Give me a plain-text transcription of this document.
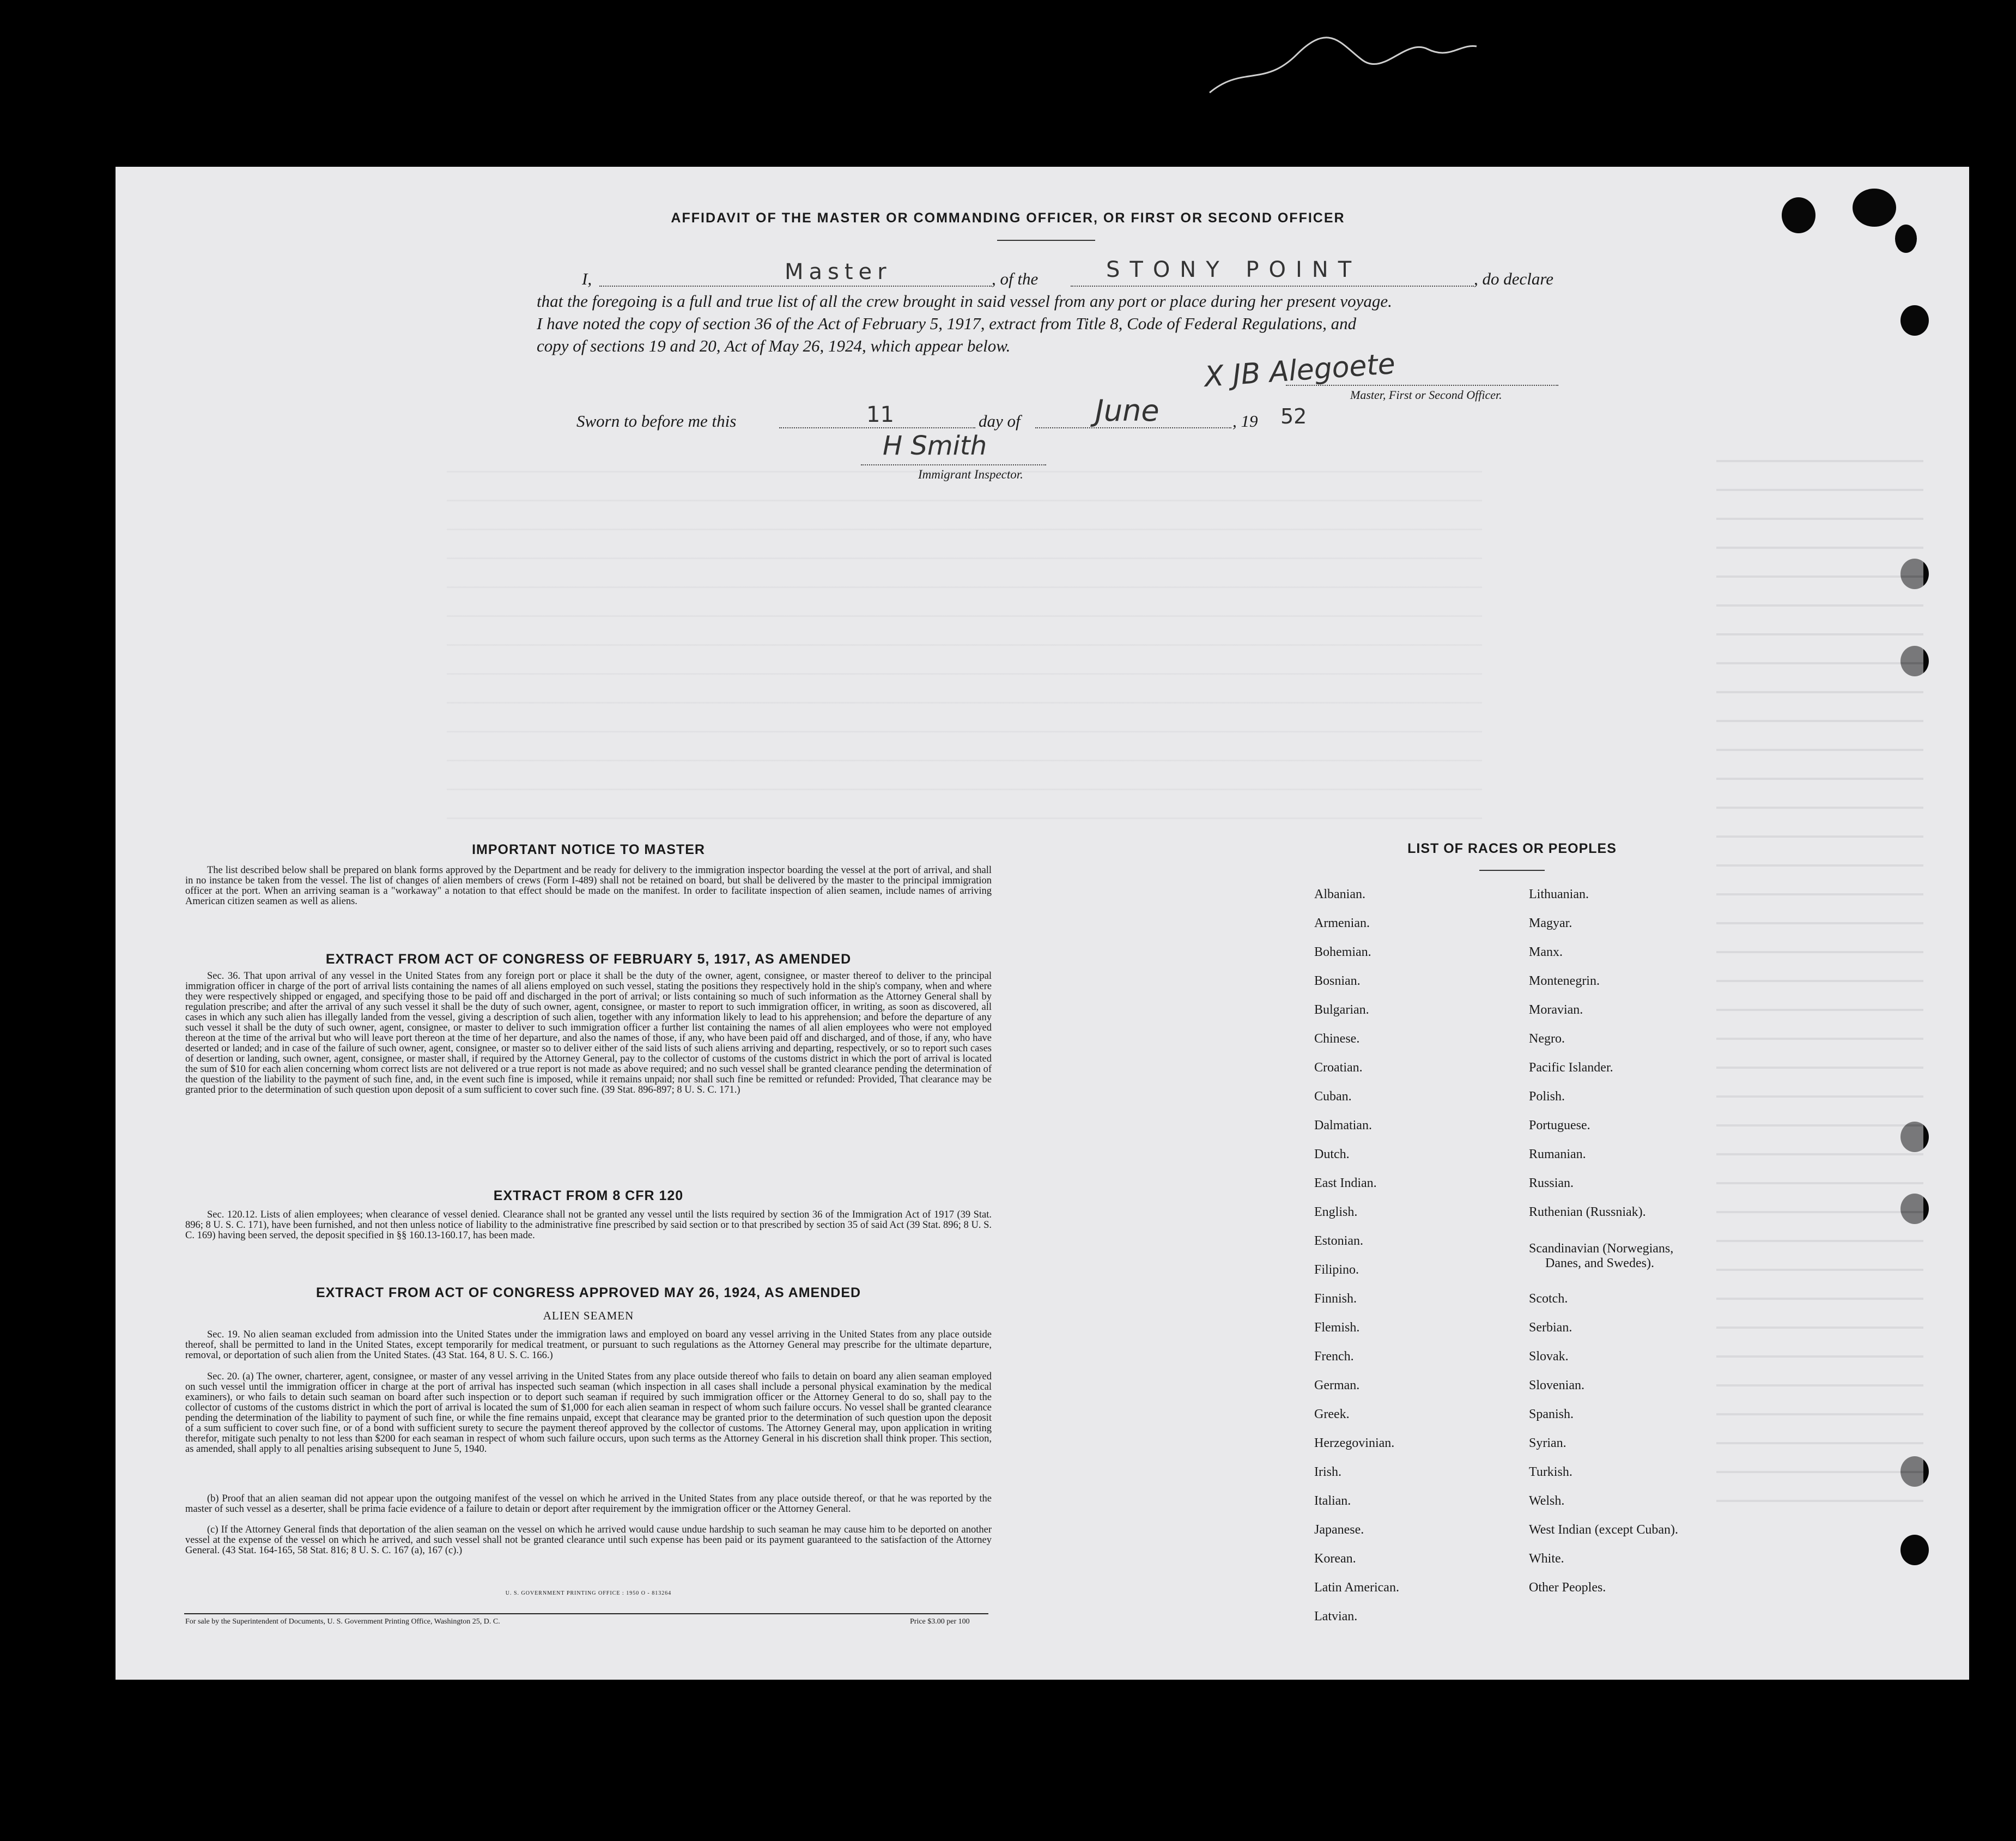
AFFIDAVIT OF THE MASTER OR COMMANDING OFFICER, OR FIRST OR SECOND OFFICER
I,	Master	, of the	STONY POINT	, do declare
that the foregoing is a full and true list of all the crew brought in said vessel from any port or place during her present voyage.
I have noted the copy of section 36 of the Act of February 5, 1917, extract from Title 8, Code of Federal Regulations, and
copy of sections 19 and 20, Act of May 26, 1924, which appear below.
X JB Alegoete
Master, First or Second Officer.
Sworn to before me this	11	day of	June	, 19 52
H Smith
Immigrant Inspector.
IMPORTANT NOTICE TO MASTER
The list described below shall be prepared on blank forms approved by the Department and be ready for delivery to the immigration inspector boarding the vessel at the port of arrival, and shall in no instance be taken from the vessel. The list of changes of alien members of crews (Form I-489) shall not be retained on board, but shall be delivered by the master to the principal immigration officer at the port. When an arriving seaman is a "workaway" a notation to that effect should be made on the manifest. In order to facilitate inspection of alien seamen, include names of arriving American citizen seamen as well as aliens.
EXTRACT FROM ACT OF CONGRESS OF FEBRUARY 5, 1917, AS AMENDED
Sec. 36. That upon arrival of any vessel in the United States from any foreign port or place it shall be the duty of the owner, agent, consignee, or master thereof to deliver to the principal immigration officer in charge of the port of arrival lists containing the names of all aliens employed on such vessel, stating the positions they respectively hold in the ship's company, when and where they were respectively shipped or engaged, and specifying those to be paid off and discharged in the port of arrival; or lists containing so much of such information as the Attorney General shall by regulation prescribe; and after the arrival of any such vessel it shall be the duty of such owner, agent, consignee, or master to report to such immigration officer, in writing, as soon as discovered, all cases in which any such alien has illegally landed from the vessel, giving a description of such alien, together with any information likely to lead to his apprehension; and before the departure of any such vessel it shall be the duty of such owner, agent, consignee, or master to deliver to such immigration officer a further list containing the names of all alien employees who were not employed thereon at the time of the arrival but who will leave port thereon at the time of her departure, and also the names of those, if any, who have been paid off and discharged, and of those, if any, who have deserted or landed; and in case of the failure of such owner, agent, consignee, or master so to deliver either of the said lists of such aliens arriving and departing, respectively, or so to report such cases of desertion or landing, such owner, agent, consignee, or master shall, if required by the Attorney General, pay to the collector of customs of the customs district in which the port of arrival is located the sum of $10 for each alien concerning whom correct lists are not delivered or a true report is not made as above required; and no such vessel shall be granted clearance pending the determination of the question of the liability to the payment of such fine, and, in the event such fine is imposed, while it remains unpaid; nor shall such fine be remitted or refunded: Provided, That clearance may be granted prior to the determination of such question upon deposit of a sum sufficient to cover such fine. (39 Stat. 896-897; 8 U. S. C. 171.)
EXTRACT FROM 8 CFR 120
Sec. 120.12. Lists of alien employees; when clearance of vessel denied. Clearance shall not be granted any vessel until the lists required by section 36 of the Immigration Act of 1917 (39 Stat. 896; 8 U. S. C. 171), have been furnished, and not then unless notice of liability to the administrative fine prescribed by said section or to that prescribed by section 35 of said Act (39 Stat. 896; 8 U. S. C. 169) having been served, the deposit specified in §§ 160.13-160.17, has been made.
EXTRACT FROM ACT OF CONGRESS APPROVED MAY 26, 1924, AS AMENDED
ALIEN SEAMEN
Sec. 19. No alien seaman excluded from admission into the United States under the immigration laws and employed on board any vessel arriving in the United States from any place outside thereof, shall be permitted to land in the United States, except temporarily for medical treatment, or pursuant to such regulations as the Attorney General may prescribe for the ultimate departure, removal, or deportation of such alien from the United States. (43 Stat. 164, 8 U. S. C. 166.)
Sec. 20. (a) The owner, charterer, agent, consignee, or master of any vessel arriving in the United States from any place outside thereof who fails to detain on board any alien seaman employed on such vessel until the immigration officer in charge at the port of arrival has inspected such seaman (which inspection in all cases shall include a personal physical examination by the medical examiners), or who fails to detain such seaman on board after such inspection or to deport such seaman if required by such immigration officer or the Attorney General to do so, shall pay to the collector of customs of the customs district in which the port of arrival is located the sum of $1,000 for each alien seaman in respect of whom such failure occurs. No vessel shall be granted clearance pending the determination of the liability to payment of such fine, or while the fine remains unpaid, except that clearance may be granted prior to the determination of such question upon the deposit of a sum sufficient to cover such fine, or of a bond with sufficient surety to secure the payment thereof approved by the collector of customs. The Attorney General may, upon application in writing therefor, mitigate such penalty to not less than $200 for each seaman in respect of whom such failure occurs, upon such terms as the Attorney General in his discretion shall think proper. This section, as amended, shall apply to all penalties arising subsequent to June 5, 1940.
(b) Proof that an alien seaman did not appear upon the outgoing manifest of the vessel on which he arrived in the United States from any place outside thereof, or that he was reported by the master of such vessel as a deserter, shall be prima facie evidence of a failure to detain or deport after requirement by the immigration officer or the Attorney General.
(c) If the Attorney General finds that deportation of the alien seaman on the vessel on which he arrived would cause undue hardship to such seaman he may cause him to be deported on another vessel at the expense of the vessel on which he arrived, and such vessel shall not be granted clearance until such expense has been paid or its payment guaranteed to the satisfaction of the Attorney General. (43 Stat. 164-165, 58 Stat. 816; 8 U. S. C. 167 (a), 167 (c).)
U. S. GOVERNMENT PRINTING OFFICE : 1950 O - 813264
For sale by the Superintendent of Documents, U. S. Government Printing Office, Washington 25, D. C.	Price $3.00 per 100
LIST OF RACES OR PEOPLES
Albanian.
Armenian.
Bohemian.
Bosnian.
Bulgarian.
Chinese.
Croatian.
Cuban.
Dalmatian.
Dutch.
East Indian.
English.
Estonian.
Filipino.
Finnish.
Flemish.
French.
German.
Greek.
Herzegovinian.
Irish.
Italian.
Japanese.
Korean.
Latin American.
Latvian.
Lithuanian.
Magyar.
Manx.
Montenegrin.
Moravian.
Negro.
Pacific Islander.
Polish.
Portuguese.
Rumanian.
Russian.
Ruthenian (Russniak).
Scandinavian (Norwegians,
Danes, and Swedes).
Scotch.
Serbian.
Slovak.
Slovenian.
Spanish.
Syrian.
Turkish.
Welsh.
West Indian (except Cuban).
White.
Other Peoples.
